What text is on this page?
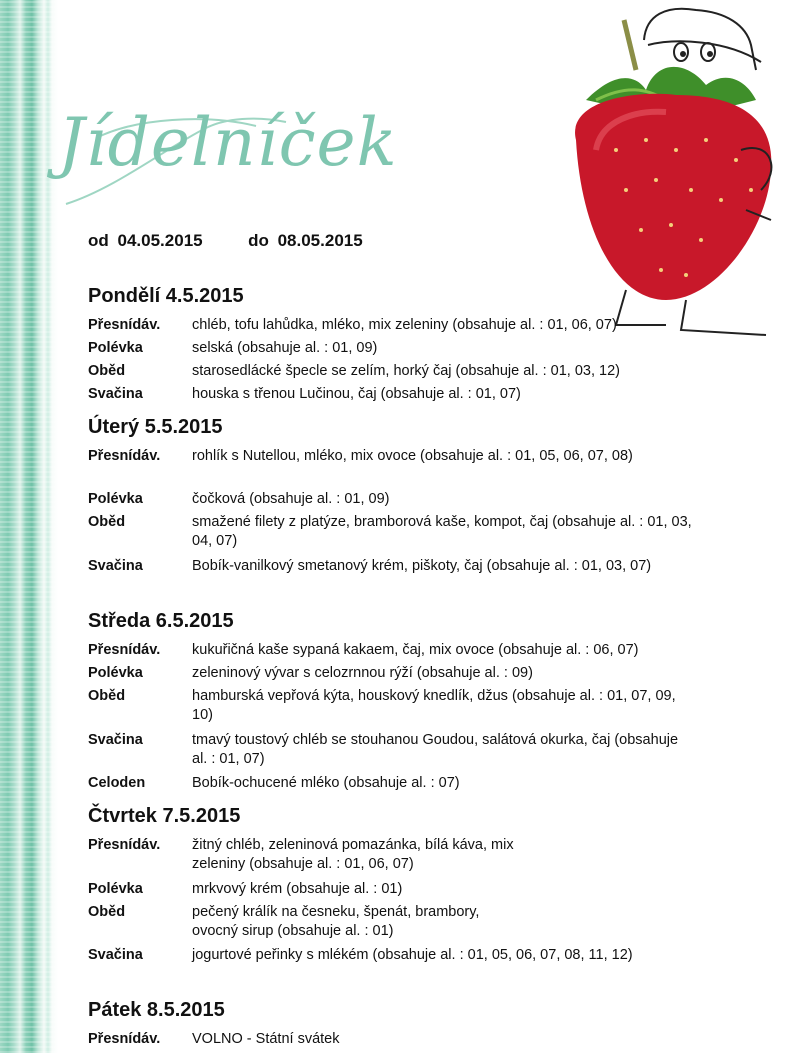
Jídelníček
od 04.05.2015	do 08.05.2015
Pondělí 4.5.2015
Přesnídáv.	chléb, tofu lahůdka, mléko, mix zeleniny (obsahuje al. : 01, 06, 07)
Polévka	selská (obsahuje al. : 01, 09)
Oběd	starosedlácké špecle se zelím, horký čaj (obsahuje al. : 01, 03, 12)
Svačina	houska s třenou Lučinou, čaj (obsahuje al. : 01, 07)
Úterý 5.5.2015
Přesnídáv.	rohlík s Nutellou, mléko, mix ovoce (obsahuje al. : 01, 05, 06, 07, 08)
Polévka	čočková (obsahuje al. : 01, 09)
Oběd	smažené filety z platýze, bramborová kaše, kompot, čaj (obsahuje al. : 01, 03, 04, 07)
Svačina	Bobík-vanilkový smetanový krém, piškoty, čaj (obsahuje al. : 01, 03, 07)
Středa 6.5.2015
Přesnídáv.	kukuřičná kaše sypaná kakaem, čaj, mix ovoce (obsahuje al. : 06, 07)
Polévka	zeleninový vývar s celozrnnou rýží (obsahuje al. : 09)
Oběd	hamburská vepřová kýta, houskový knedlík, džus (obsahuje al. : 01, 07, 09, 10)
Svačina	tmavý toustový chléb se stouhanou Goudou, salátová okurka, čaj (obsahuje al. : 01, 07)
Celoden	Bobík-ochucené mléko (obsahuje al. : 07)
Čtvrtek 7.5.2015
Přesnídáv.	žitný chléb, zeleninová pomazánka, bílá káva, mix zeleniny (obsahuje al. : 01, 06, 07)
Polévka	mrkvový krém (obsahuje al. : 01)
Oběd	pečený králík na česneku, špenát, brambory, ovocný sirup (obsahuje al. : 01)
Svačina	jogurtové peřinky s mlékém (obsahuje al. : 01, 05, 06, 07, 08, 11, 12)
Pátek 8.5.2015
Přesnídáv.	VOLNO - Státní svátek
